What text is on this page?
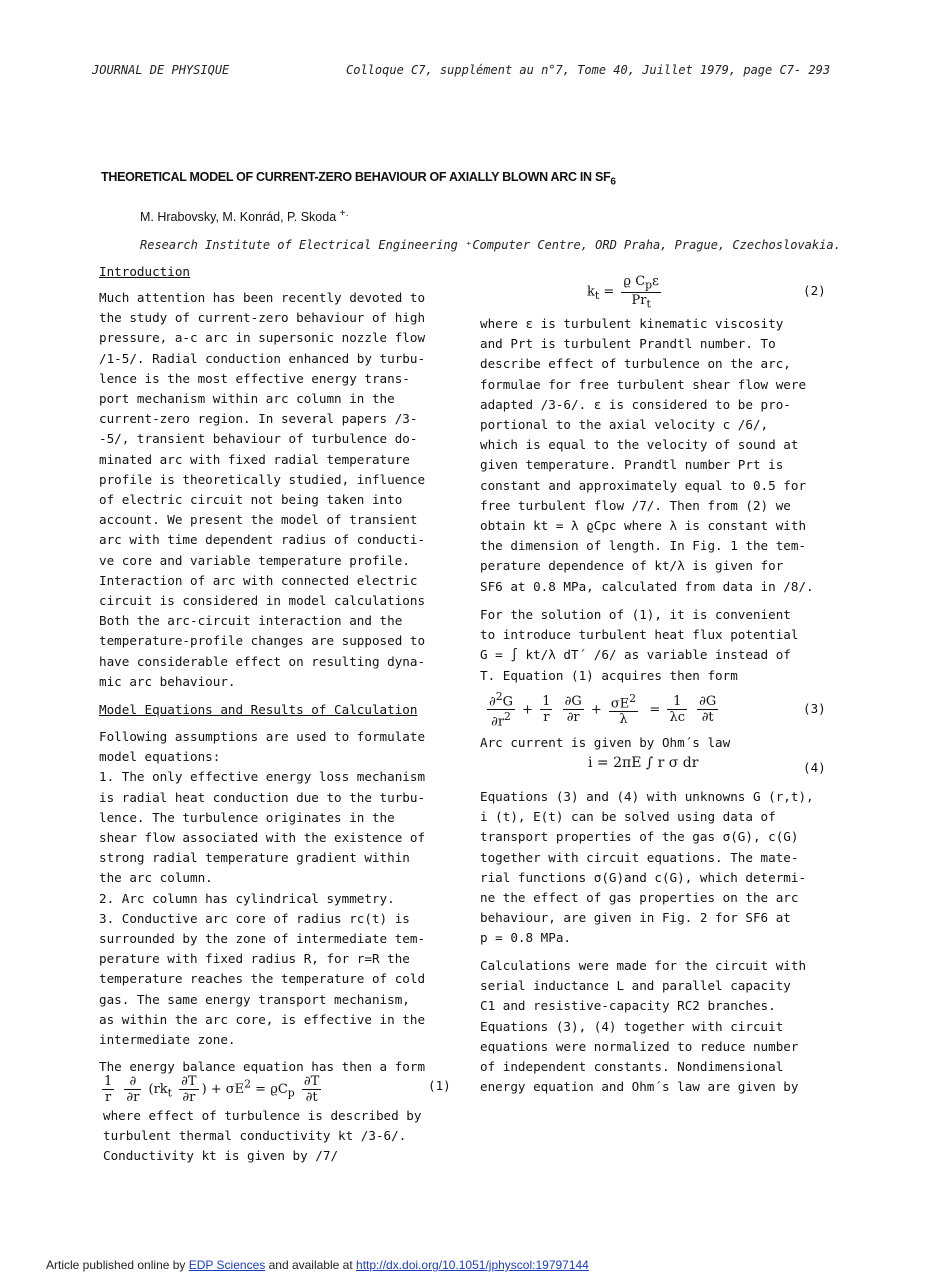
JOURNAL DE PHYSIQUE	Colloque C7, supplément au n°7, Tome 40, Juillet 1979, page C7- 293
THEORETICAL MODEL OF CURRENT-ZERO BEHAVIOUR OF AXIALLY BLOWN ARC IN $SF_6$
M. Hrabovsky, M. Konrád, P. Skoda +.
Research Institute of Electrical Engineering ⁺Computer Centre, ORD Praha, Prague, Czechoslovakia.

Introduction

Much attention has been recently devoted to

the study of current-zero behaviour of high

pressure, a-c arc in supersonic nozzle flow

/1-5/. Radial conduction enhanced by turbu-

lence is the most effective energy trans-

port mechanism within arc column in the

current-zero region. In several papers /3-

-5/, transient behaviour of turbulence do-

minated arc with fixed radial temperature

profile is theoretically studied, influence

of electric circuit not being taken into

account. We present the model of transient

arc with time dependent radius of conducti-

ve core and variable temperature profile.

Interaction of arc with connected electric

circuit is considered in model calculations

Both the arc-circuit interaction and the

temperature-profile changes are supposed to

have considerable effect on resulting dyna-

mic arc behaviour.

Model Equations and Results of Calculation

Following assumptions are used to formulate

model equations:

1. The only effective energy loss mechanism

is radial heat conduction due to the turbu-

lence. The turbulence originates in the

shear flow associated with the existence of

strong radial temperature gradient within

the arc column.

2. Arc column has cylindrical symmetry.

3. Conductive arc core of radius rc(t) is

surrounded by the zone of intermediate tem-

perature with fixed radius R, for r=R the

temperature reaches the temperature of cold

gas. The same energy transport mechanism,

as within the arc core, is effective in the

intermediate zone.

The energy balance equation has then a form

$\frac{1}{r}$
$\frac{\partial}{\partial r} (rk_t \frac{\partial T}{\partial r}$ ) + $\sigma E^2 = ϱC_p \frac{\partial T}{\partial t}$	(1)

where effect of turbulence is described by

turbulent thermal conductivity kt /3-6/.

Conductivity kt is given by /7/

$k_t = \frac{ϱ C_p\varepsilon}{Pr_t}$	(2)

where ε is turbulent kinematic viscosity

and Prt is turbulent Prandtl number. To

describe effect of turbulence on the arc,

formulae for free turbulent shear flow were

adapted /3-6/. ε is considered to be pro-

portional to the axial velocity c /6/,

which is equal to the velocity of sound at

given temperature. Prandtl number Prt is

constant and approximately equal to 0.5 for

free turbulent flow /7/. Then from (2) we

obtain kt = λ ϱCpc where λ is constant with

the dimension of length. In Fig. 1 the tem-

perature dependence of kt/λ is given for

SF6 at 0.8 MPa, calculated from data in /8/.

For the solution of (1), it is convenient

to introduce turbulent heat flux potential

G = ∫ kt/λ dT´ /6/ as variable instead of

T. Equation (1) acquires then form

$\frac{\partial^2G}{\partial r^2} + \frac{1}{r}$
$\frac{\partial G}{\partial r} + \frac{\sigma E^2}{\lambda} = \frac{1}{\lambda c}$
$\frac{\partial G}{\partial t}$	(3)

Arc current is given by Ohm´s law

i = 2πE ∫ r σ dr	(4)

Equations (3) and (4) with unknowns G (r,t),

i (t), E(t) can be solved using data of

transport properties of the gas σ(G), c(G)

together with circuit equations. The mate-

rial functions σ(G)and c(G), which determi-

ne the effect of gas properties on the arc

behaviour, are given in Fig. 2 for SF6 at

p = 0.8 MPa.

Calculations were made for the circuit with

serial inductance L and parallel capacity

C1 and resistive-capacity RC2 branches.

Equations (3), (4) together with circuit

equations were normalized to reduce number

of independent constants. Nondimensional

energy equation and Ohm´s law are given by

Article published online by EDP Sciences and available at http://dx.doi.org/10.1051/jphyscol:19797144
